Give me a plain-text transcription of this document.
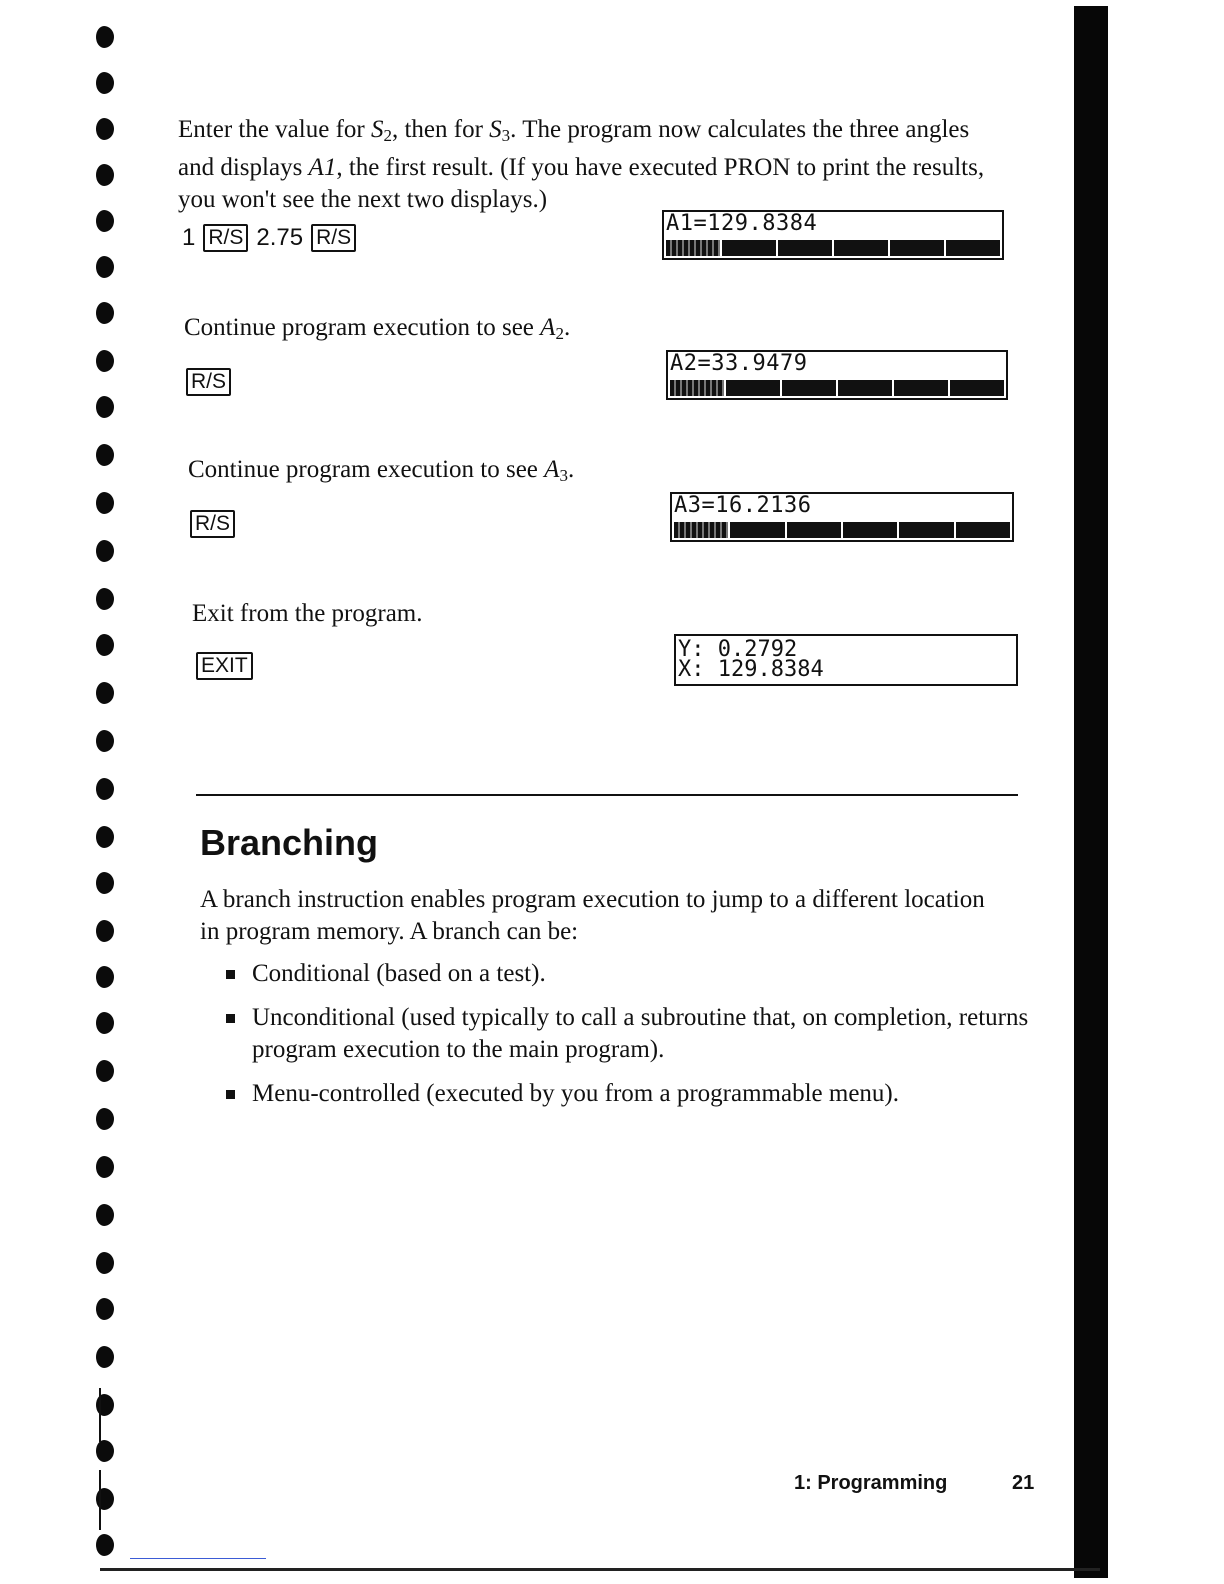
Enter the value for $S_2$, then for $S_3$. The program now calculates the three angles and displays A1, the first result. (If you have executed PRON to print the results, you won't see the next two displays.)

1 R/S 2.75 R/S
A1=129.8384

Continue program execution to see $A_2$.

R/S
A2=33.9479

Continue program execution to see $A_3$.

R/S
A3=16.2136

Exit from the program.

EXIT
Y: 0.2792
X: 129.8384
Branching

A branch instruction enables program execution to jump to a different location in program memory. A branch can be:

Conditional (based on a test).
Unconditional (used typically to call a subroutine that, on completion, returns program execution to the main program).
Menu-controlled (executed by you from a programmable menu).
1: Programming	21
